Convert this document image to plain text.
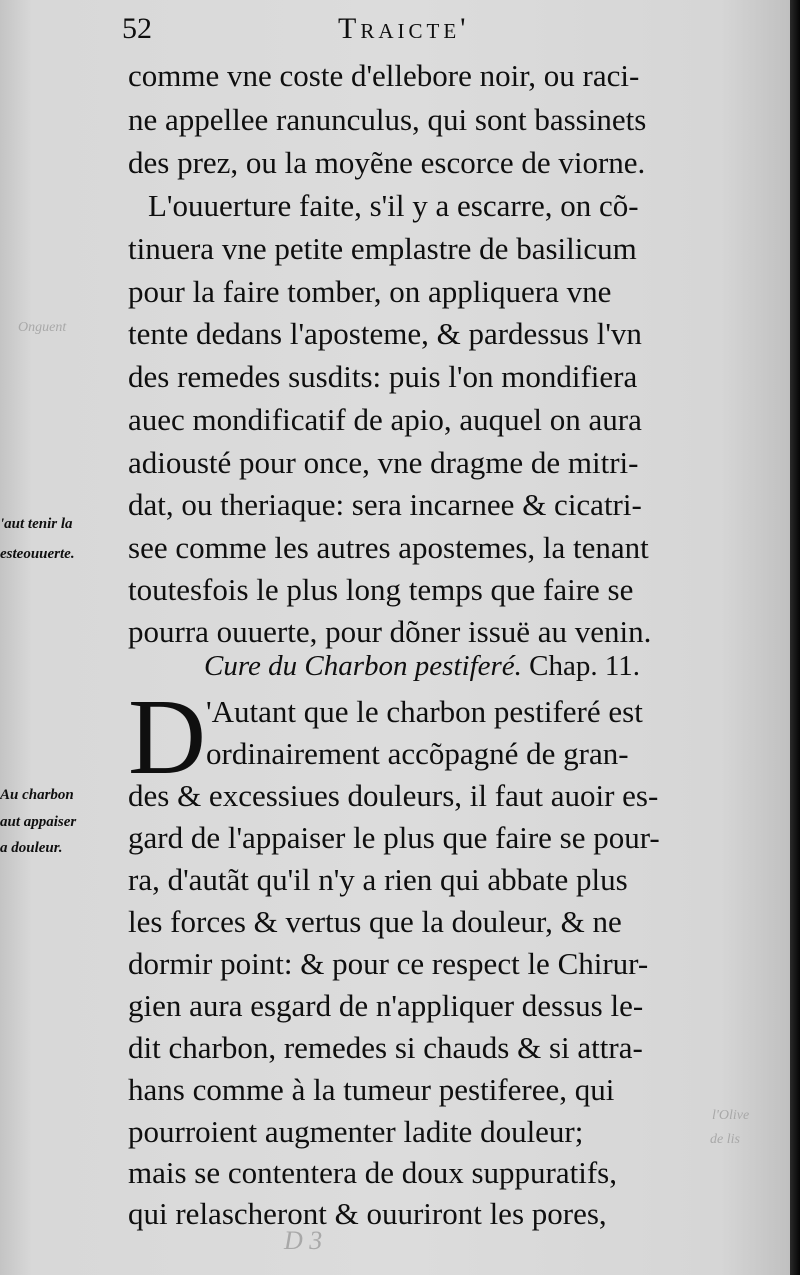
52	Traicte'
Onguent
l'Olive
de lis
D 3
comme vne coste d'ellebore noir, ou raci-
ne appellee ranunculus, qui sont bassinets
des prez, ou la moyẽne escorce de viorne.
L'ouuerture faite, s'il y a escarre, on cõ-
tinuera vne petite emplastre de basilicum
pour la faire tomber, on appliquera vne
tente dedans l'aposteme, & pardessus l'vn
des remedes susdits: puis l'on mondifiera
auec mondificatif de apio, auquel on aura
adiousté pour once, vne dragme de mitri-
dat, ou theriaque: sera incarnee & cicatri-
see comme les autres apostemes, la tenant
toutesfois le plus long temps que faire se
pourra ouuerte, pour dõner issuë au venin.
Cure du Charbon pestiferé. Chap. 11.
D 'Autant que le charbon pestiferé est
ordinairement accõpagné de gran-
des & excessiues douleurs, il faut auoir es-
gard de l'appaiser le plus que faire se pour-
ra, d'autãt qu'il n'y a rien qui abbate plus
les forces & vertus que la douleur, & ne
dormir point: & pour ce respect le Chirur-
gien aura esgard de n'appliquer dessus le-
dit charbon, remedes si chauds & si attra-
hans comme à la tumeur pestiferee, qui
pourroient augmenter ladite douleur;
mais se contentera de doux suppuratifs,
qui relascheront & ouuriront les pores,
'aut tenir la
esteouuerte.
Au charbon
aut appaiser
a douleur.
